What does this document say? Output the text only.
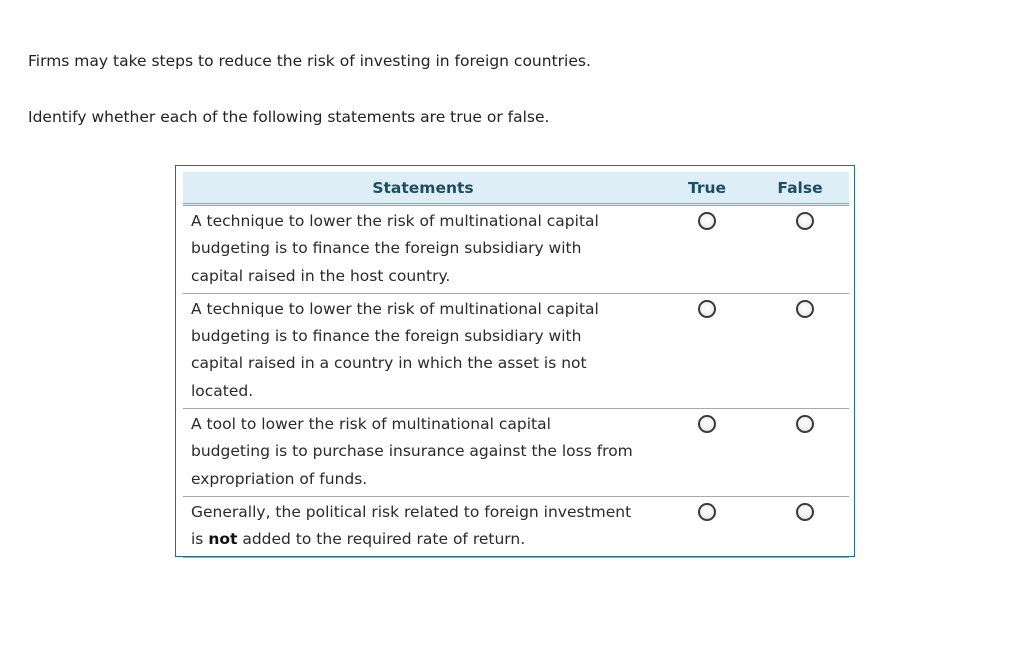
Firms may take steps to reduce the risk of investing in foreign countries.

Identify whether each of the following statements are true or false.

Statements	True	False
A technique to lower the risk of multinational capital budgeting is to finance the foreign subsidiary with capital raised in the host country.		
A technique to lower the risk of multinational capital budgeting is to finance the foreign subsidiary with capital raised in a country in which the asset is not located.		
A tool to lower the risk of multinational capital budgeting is to purchase insurance against the loss from expropriation of funds.		
Generally, the political risk related to foreign investment is not added to the required rate of return.		
